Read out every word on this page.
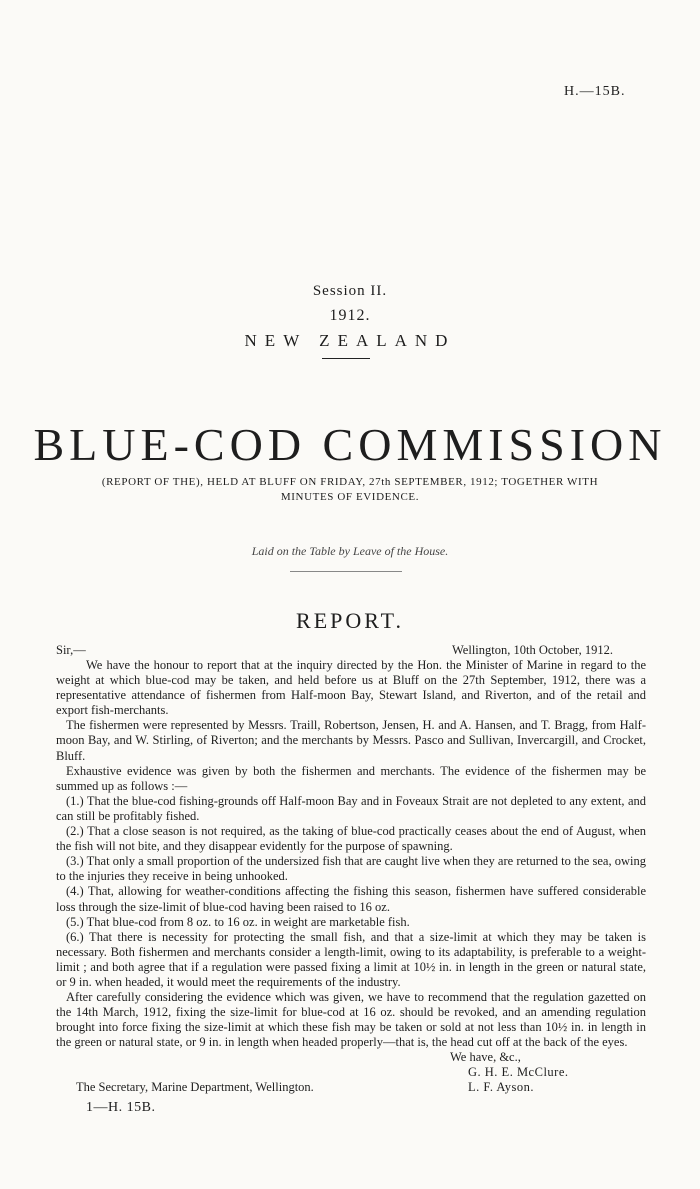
H.—15B.
Session II.
1912.
NEW ZEALAND
BLUE-COD COMMISSION
(REPORT OF THE), HELD AT BLUFF ON FRIDAY, 27th SEPTEMBER, 1912; TOGETHER WITH
MINUTES OF EVIDENCE.
Laid on the Table by Leave of the House.
REPORT.
Sir,—	Wellington, 10th October, 1912.

We have the honour to report that at the inquiry directed by the Hon. the Minister of Marine in regard to the weight at which blue-cod may be taken, and held before us at Bluff on the 27th September, 1912, there was a representative attendance of fishermen from Half-moon Bay, Stewart Island, and Riverton, and of the retail and export fish-merchants.

The fishermen were represented by Messrs. Traill, Robertson, Jensen, H. and A. Hansen, and T. Bragg, from Half-moon Bay, and W. Stirling, of Riverton; and the merchants by Messrs. Pasco and Sullivan, Invercargill, and Crocket, Bluff.

Exhaustive evidence was given by both the fishermen and merchants. The evidence of the fishermen may be summed up as follows :—

(1.) That the blue-cod fishing-grounds off Half-moon Bay and in Foveaux Strait are not depleted to any extent, and can still be profitably fished.

(2.) That a close season is not required, as the taking of blue-cod practically ceases about the end of August, when the fish will not bite, and they disappear evidently for the purpose of spawning.

(3.) That only a small proportion of the undersized fish that are caught live when they are returned to the sea, owing to the injuries they receive in being unhooked.

(4.) That, allowing for weather-conditions affecting the fishing this season, fishermen have suffered considerable loss through the size-limit of blue-cod having been raised to 16 oz.

(5.) That blue-cod from 8 oz. to 16 oz. in weight are marketable fish.

(6.) That there is necessity for protecting the small fish, and that a size-limit at which they may be taken is necessary. Both fishermen and merchants consider a length-limit, owing to its adaptability, is preferable to a weight-limit ; and both agree that if a regulation were passed fixing a limit at 10½ in. in length in the green or natural state, or 9 in. when headed, it would meet the requirements of the industry.

After carefully considering the evidence which was given, we have to recommend that the regulation gazetted on the 14th March, 1912, fixing the size-limit for blue-cod at 16 oz. should be revoked, and an amending regulation brought into force fixing the size-limit at which these fish may be taken or sold at not less than 10½ in. in length in the green or natural state, or 9 in. in length when headed properly—that is, the head cut off at the back of the eyes.

We have, &c.,
G. H. E. McClure.
L. F. Ayson.
The Secretary, Marine Department, Wellington.
1—H. 15B.
